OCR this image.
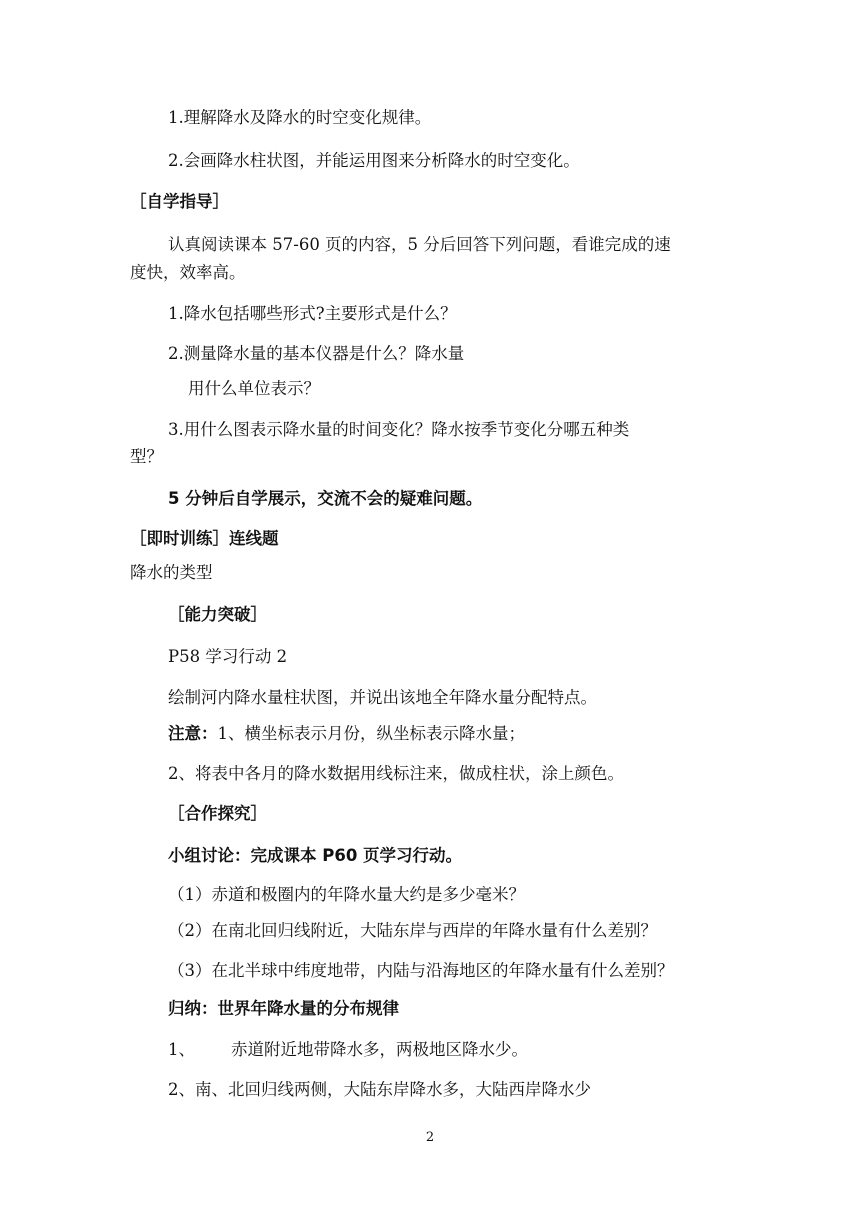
1.理解降水及降水的时空变化规律。
2.会画降水柱状图，并能运用图来分析降水的时空变化。
［自学指导］
认真阅读课本 57-60 页的内容，5 分后回答下列问题，看谁完成的速
度快，效率高。
1.降水包括哪些形式?主要形式是什么？
2.测量降水量的基本仪器是什么？降水量
用什么单位表示？
3.用什么图表示降水量的时间变化？降水按季节变化分哪五种类
型？
5 分钟后自学展示，交流不会的疑难问题。
［即时训练］连线题
降水的类型
［能力突破］
P58 学习行动 2
绘制河内降水量柱状图，并说出该地全年降水量分配特点。
注意：1、横坐标表示月份，纵坐标表示降水量；
2、将表中各月的降水数据用线标注来，做成柱状，涂上颜色。
［合作探究］
小组讨论：完成课本 P60 页学习行动。
（1）赤道和极圈内的年降水量大约是多少毫米？
（2）在南北回归线附近，大陆东岸与西岸的年降水量有什么差别？
（3）在北半球中纬度地带，内陆与沿海地区的年降水量有什么差别？
归纳：世界年降水量的分布规律
1、 赤道附近地带降水多，两极地区降水少。
2、南、北回归线两侧，大陆东岸降水多，大陆西岸降水少
2
